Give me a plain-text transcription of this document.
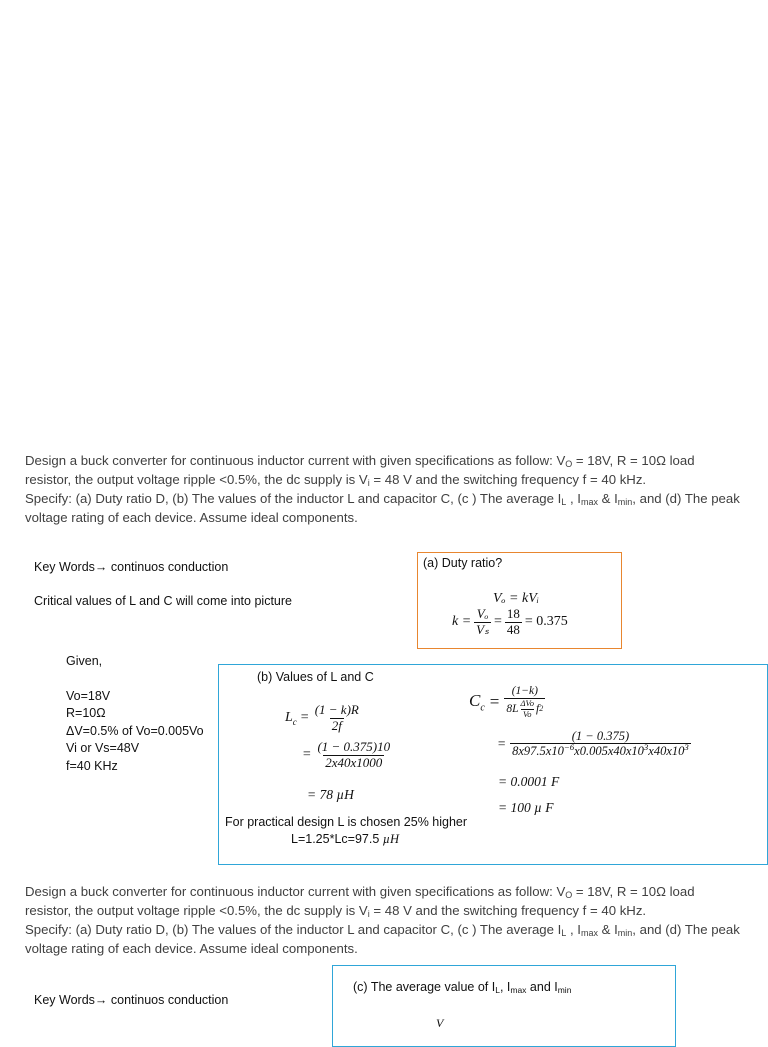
Design a buck converter for continuous inductor current with given specifications as follow: $V_O = 18V$, R = 10Ω load
resistor, the output voltage ripple <0.5%, the dc supply is $V_i = 48$ V and the switching frequency f = 40 kHz.
Specify: (a) Duty ratio D, (b) The values of the inductor L and capacitor C, (c ) The average $I_L$ , $I_{max}$ & $I_{min}$, and (d) The peak
voltage rating of each device. Assume ideal components.
Key Words→ continuos conduction
Critical values of L and C will come into picture
Given,
Vo=18V
R=10Ω
ΔV=0.5% of Vo=0.005Vo
Vi or Vs=48V
f=40 KHz
(a) Duty ratio?
Vₒ = kVᵢ
$k = \frac{\text{Vₒ}}{\text{Vₛ}} = \frac{18}{48} = 0.375$
(b) Values of L and C
$L_c = \frac{(1 - k)R}{2f}$
= $\frac{(1 - 0.375)10}{2x40x1000}$
= 78 µH
For practical design L is chosen 25% higher
L=1.25*Lc=97.5 µH
$C_c = \frac{(1-k)}{8L \frac{\text{ΔVo}}{Vo} f 2}$
= $\frac{(1 - 0.375)}{8x97.5x10^{-6}x0.005x40x10^3x40x10^3}$
= 0.0001 F
= 100 µ F
Design a buck converter for continuous inductor current with given specifications as follow: $V_O = 18V$, R = 10Ω load
resistor, the output voltage ripple <0.5%, the dc supply is $V_i = 48$ V and the switching frequency f = 40 kHz.
Specify: (a) Duty ratio D, (b) The values of the inductor L and capacitor C, (c ) The average $I_L$ , $I_{max}$ & $I_{min}$, and (d) The peak
voltage rating of each device. Assume ideal components.
Key Words→ continuos conduction
(c) The average value of $I_L$, $I_{max}$ and $I_{min}$
V
